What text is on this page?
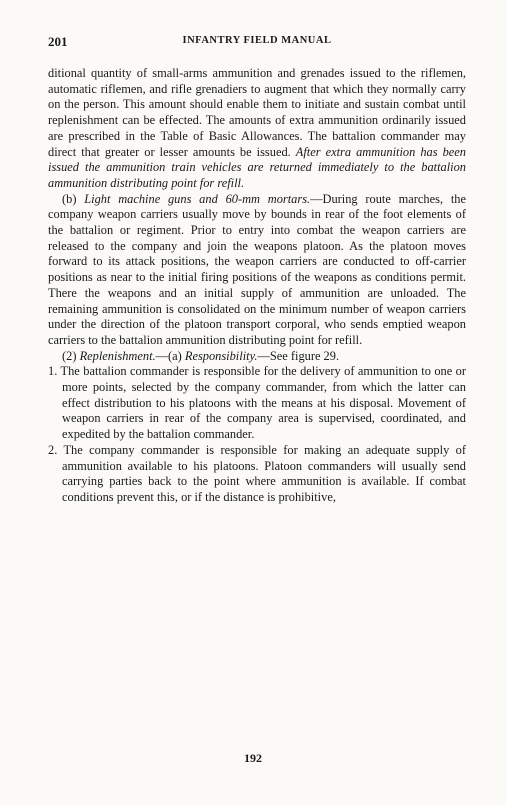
201	INFANTRY FIELD MANUAL

ditional quantity of small-arms ammunition and grenades issued to the riflemen, automatic riflemen, and rifle grenadiers to augment that which they normally carry on the person. This amount should enable them to initiate and sustain combat until replenishment can be effected. The amounts of extra ammunition ordinarily issued are prescribed in the Table of Basic Allowances. The battalion commander may direct that greater or lesser amounts be issued. After extra ammunition has been issued the ammunition train vehicles are returned immediately to the battalion ammunition distributing point for refill.

(b) Light machine guns and 60-mm mortars.—During route marches, the company weapon carriers usually move by bounds in rear of the foot elements of the battalion or regiment. Prior to entry into combat the weapon carriers are released to the company and join the weapons platoon. As the platoon moves forward to its attack positions, the weapon carriers are conducted to off-carrier positions as near to the initial firing positions of the weapons as conditions permit. There the weapons and an initial supply of ammunition are unloaded. The remaining ammunition is consolidated on the minimum number of weapon carriers under the direction of the platoon transport corporal, who sends emptied weapon carriers to the battalion ammunition distributing point for refill.

(2) Replenishment.—(a) Responsibility.—See figure 29.

1. The battalion commander is responsible for the delivery of ammunition to one or more points, selected by the company commander, from which the latter can effect distribution to his platoons with the means at his disposal. Movement of weapon carriers in rear of the company area is supervised, coordinated, and expedited by the battalion commander.

2. The company commander is responsible for making an adequate supply of ammunition available to his platoons. Platoon commanders will usually send carrying parties back to the point where ammunition is available. If combat conditions prevent this, or if the distance is prohibitive,

192
